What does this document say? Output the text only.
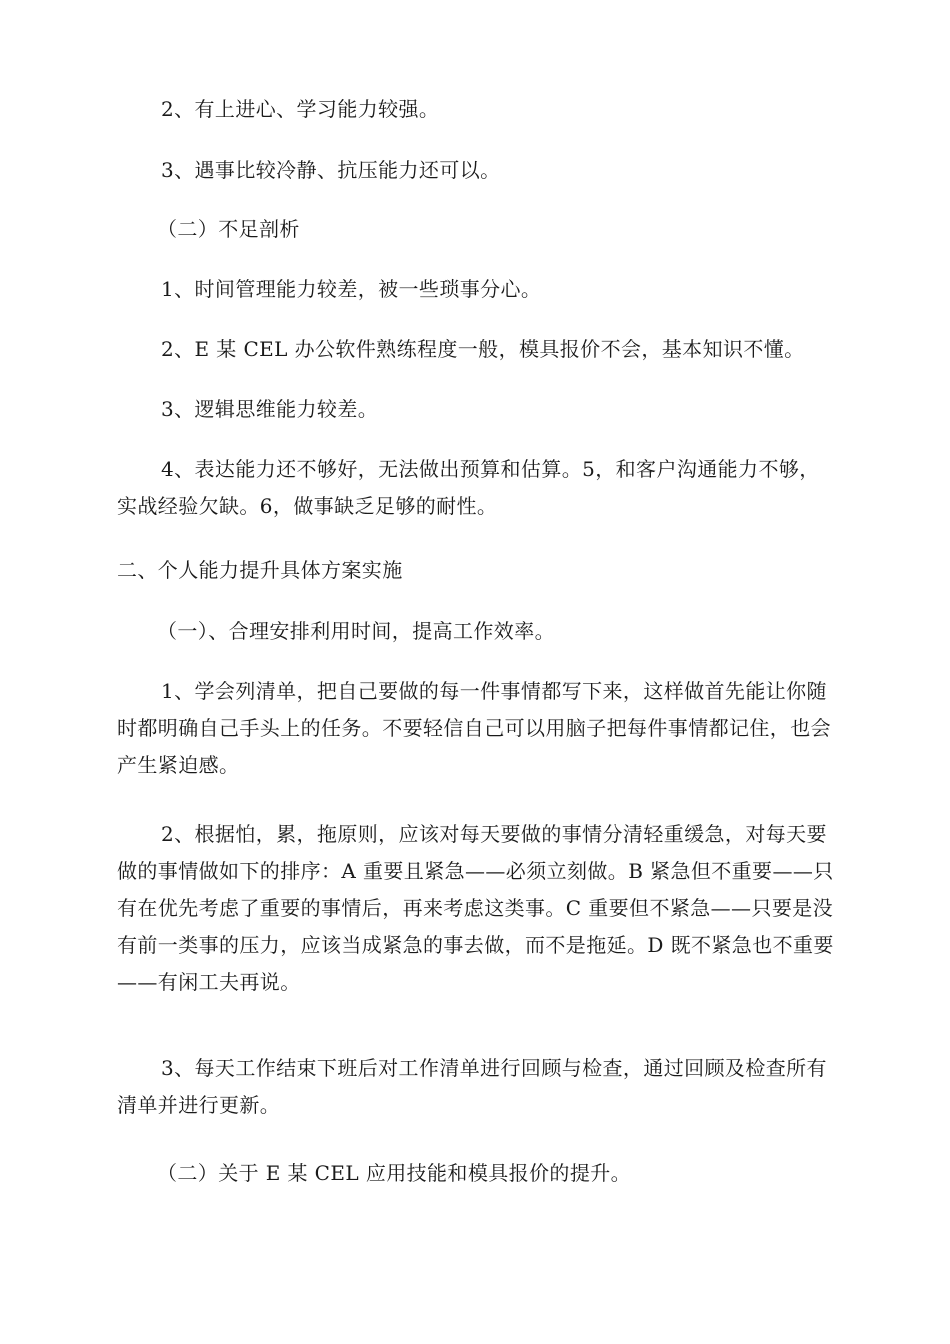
2、有上进心、学习能力较强。

3、遇事比较冷静、抗压能力还可以。

（二）不足剖析

1、时间管理能力较差，被一些琐事分心。

2、E 某 CEL 办公软件熟练程度一般，模具报价不会，基本知识不懂。

3、逻辑思维能力较差。

4、表达能力还不够好，无法做出预算和估算。5，和客户沟通能力不够，实战经验欠缺。6，做事缺乏足够的耐性。

二、个人能力提升具体方案实施

（一）、合理安排利用时间，提高工作效率。

1、学会列清单，把自己要做的每一件事情都写下来，这样做首先能让你随时都明确自己手头上的任务。不要轻信自己可以用脑子把每件事情都记住，也会产生紧迫感。

2、根据怕，累，拖原则，应该对每天要做的事情分清轻重缓急，对每天要做的事情做如下的排序：A 重要且紧急——必须立刻做。B 紧急但不重要——只有在优先考虑了重要的事情后，再来考虑这类事。C 重要但不紧急——只要是没有前一类事的压力，应该当成紧急的事去做，而不是拖延。D 既不紧急也不重要——有闲工夫再说。

3、每天工作结束下班后对工作清单进行回顾与检查，通过回顾及检查所有清单并进行更新。

（二）关于 E 某 CEL 应用技能和模具报价的提升。
